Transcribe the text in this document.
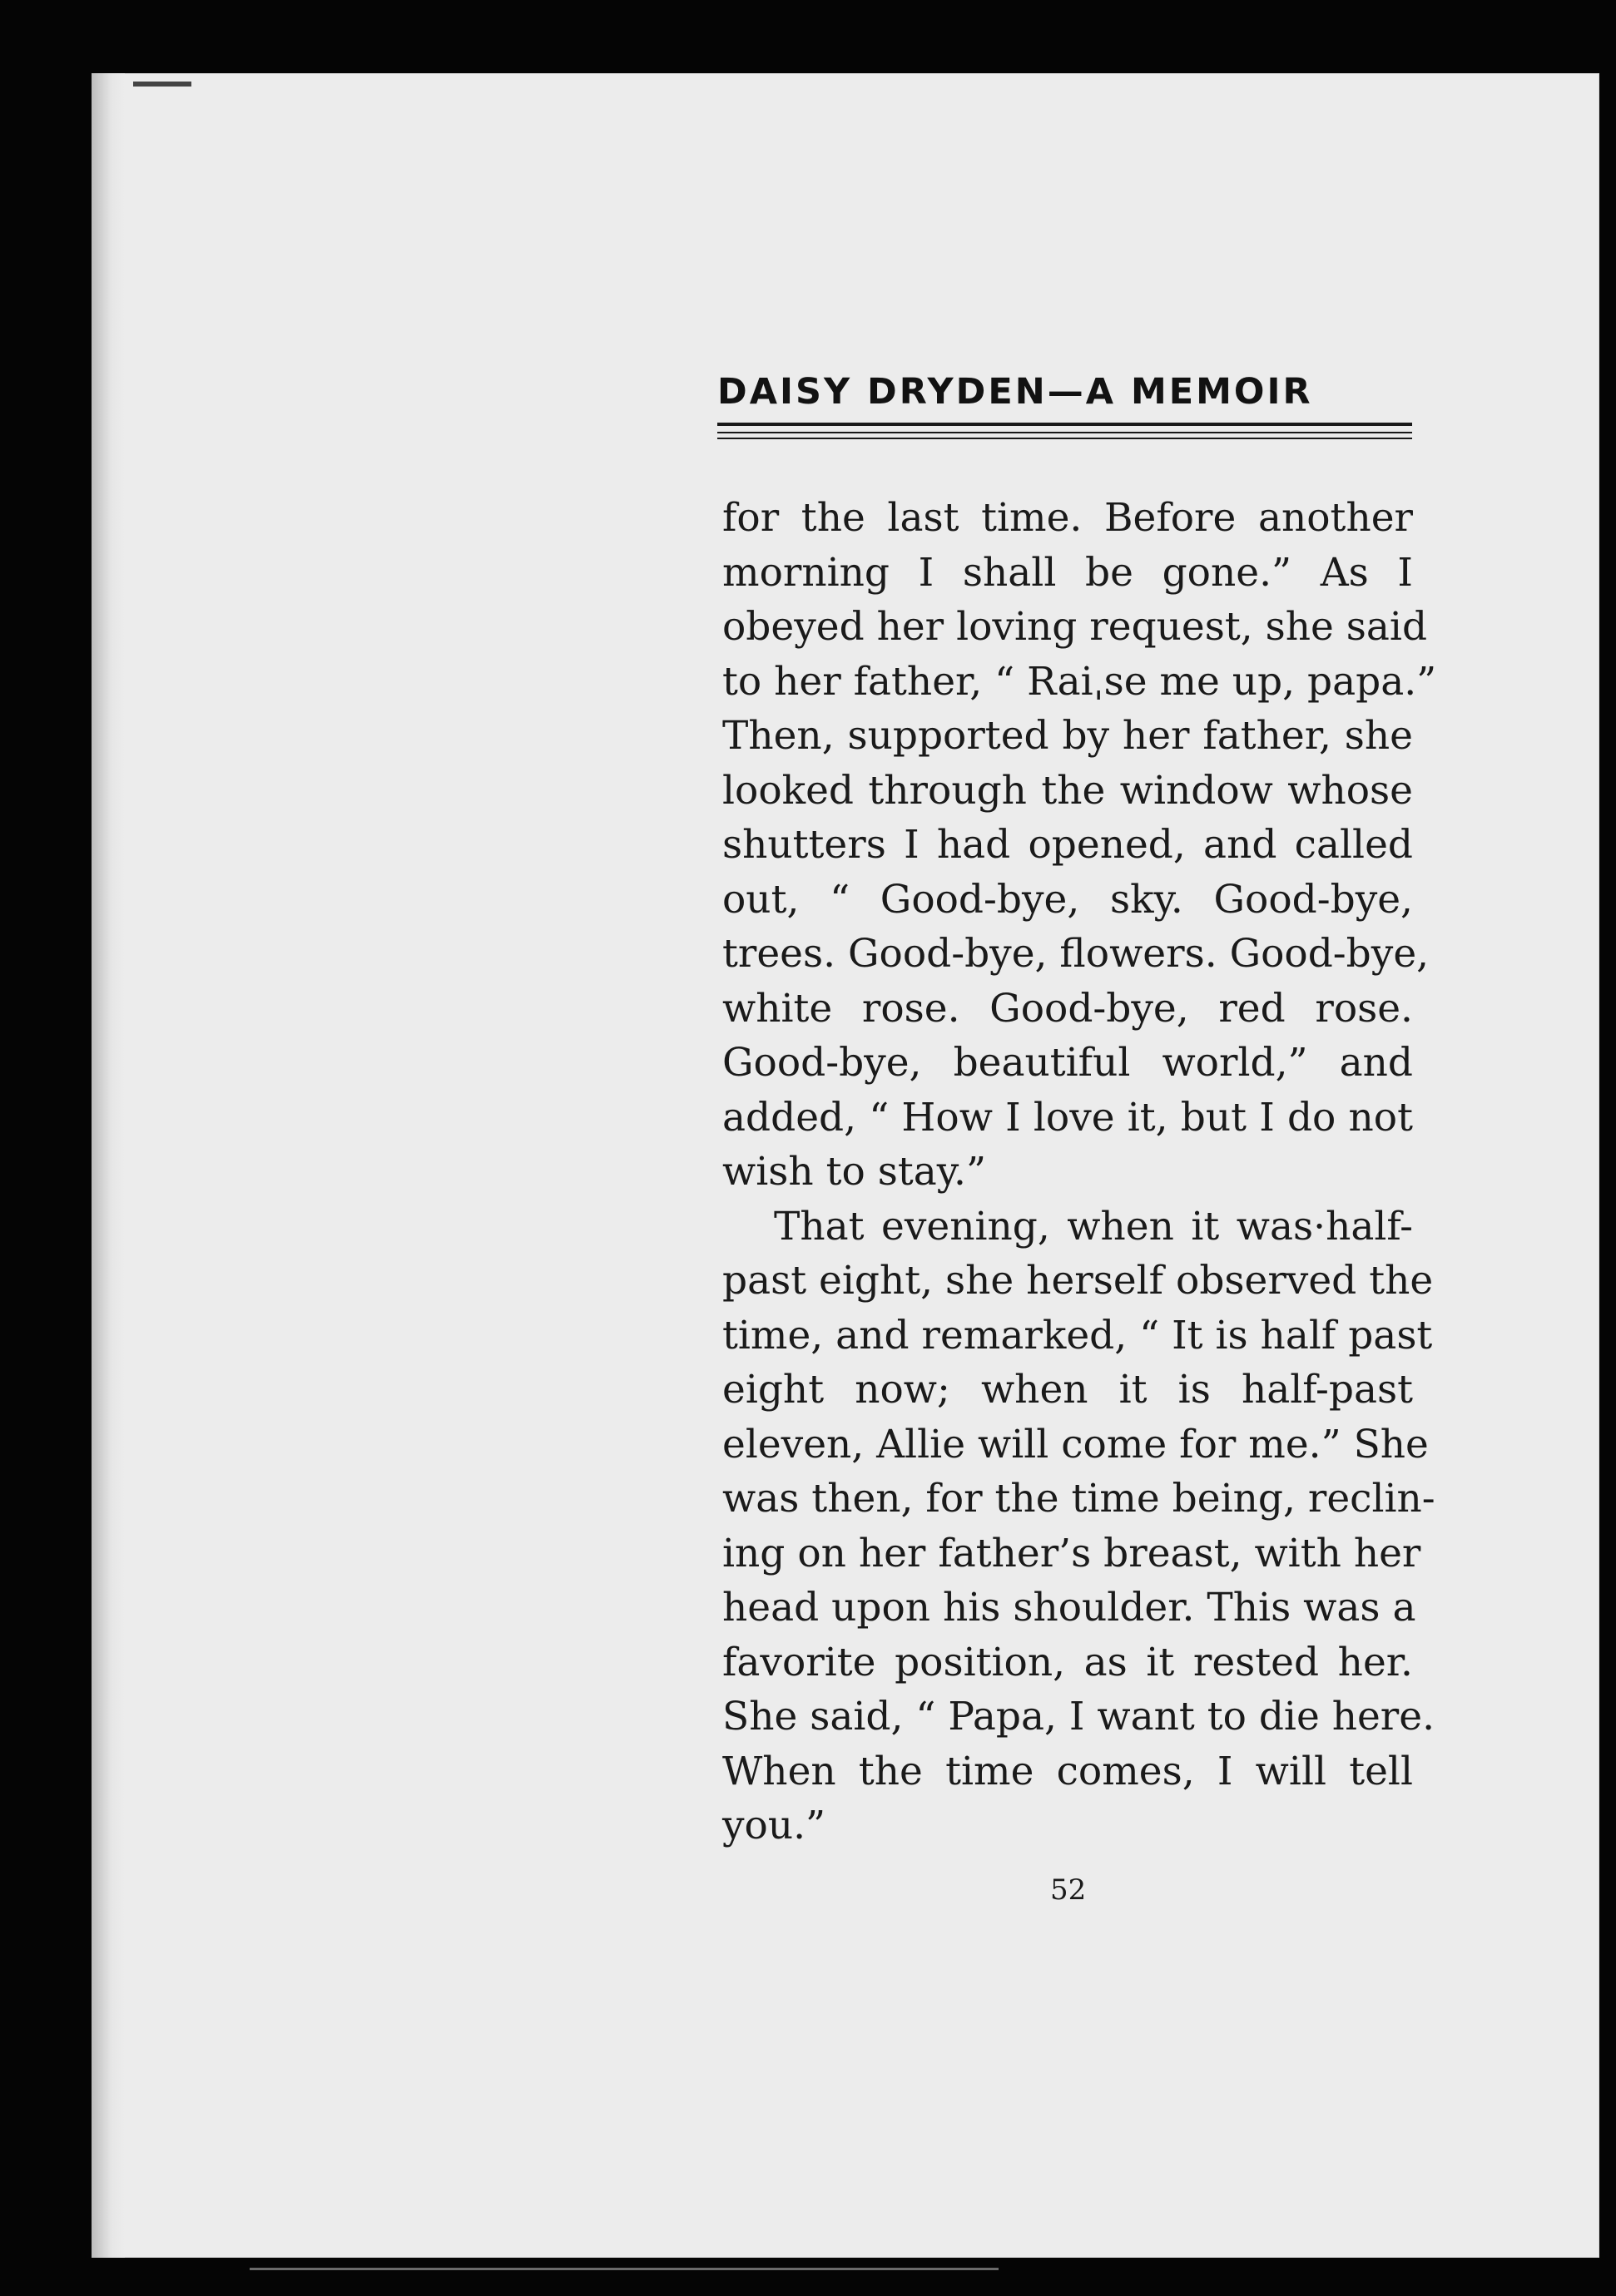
DAISY DRYDEN—A MEMOIR
for the last time. Before another
morning I shall be gone.” As I
obeyed her loving request, she said
to her father, “ Raiˌse me up, papa.”
Then, supported by her father, she
looked through the window whose
shutters I had opened, and called
out, “ Good-bye, sky. Good-bye,
trees. Good-bye, flowers. Good-bye,
white rose. Good-bye, red rose.
Good-bye, beautiful world,” and
added, “ How I love it, but I do not
wish to stay.”
That evening, when it was·half-
past eight, she herself observed the
time, and remarked, “ It is half past
eight now; when it is half-past
eleven, Allie will come for me.” She
was then, for the time being, reclin-
ing on her father’s breast, with her
head upon his shoulder. This was a
favorite position, as it rested her.
She said, “ Papa, I want to die here.
When the time comes, I will tell
you.”
52
